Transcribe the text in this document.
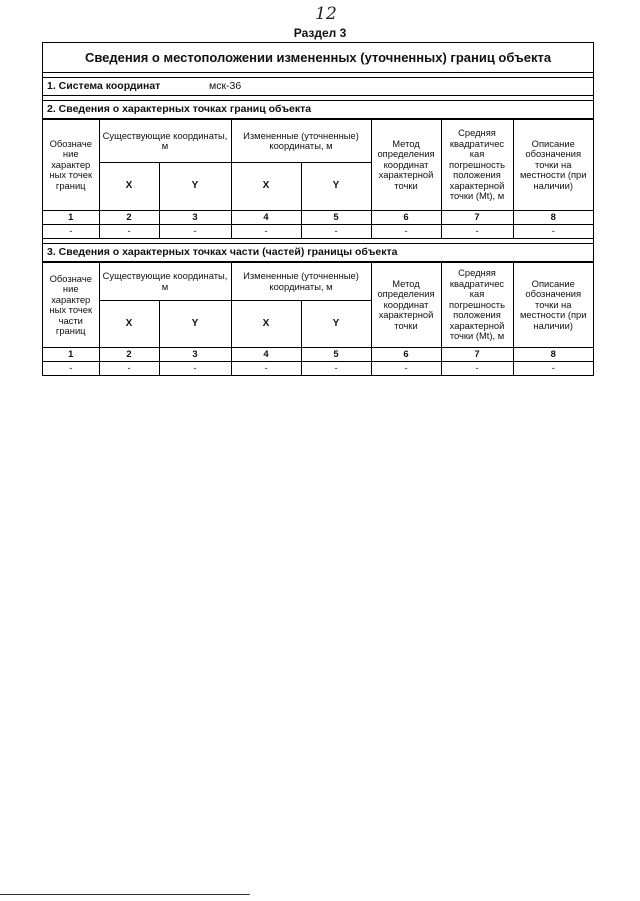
12
Раздел 3
Сведения о местоположении измененных (уточненных) границ объекта
1. Система координат	мск-36
2. Сведения о характерных точках границ объекта
Обозначе ние характер ных точек границ	Существующие координаты, м		Измененные (уточненные) координаты, м		Метод определения координат характерной точки	Средняя квадратичес кая погрешность положения характерной точки (Mt), м	Описание обозначения точки на местности (при наличии)
	X	Y	X	Y			
1	2	3	4	5	6	7	8
-	-	-	-	-	-	-	-
3. Сведения о характерных точках части (частей) границы объекта
Обозначе ние характер ных точек части границ	Существующие координаты, м		Измененные (уточненные) координаты, м		Метод определения координат характерной точки	Средняя квадратичес кая погрешность положения характерной точки (Mt), м	Описание обозначения точки на местности (при наличии)
	X	Y	X	Y			
1	2	3	4	5	6	7	8
-	-	-	-	-	-	-	-
